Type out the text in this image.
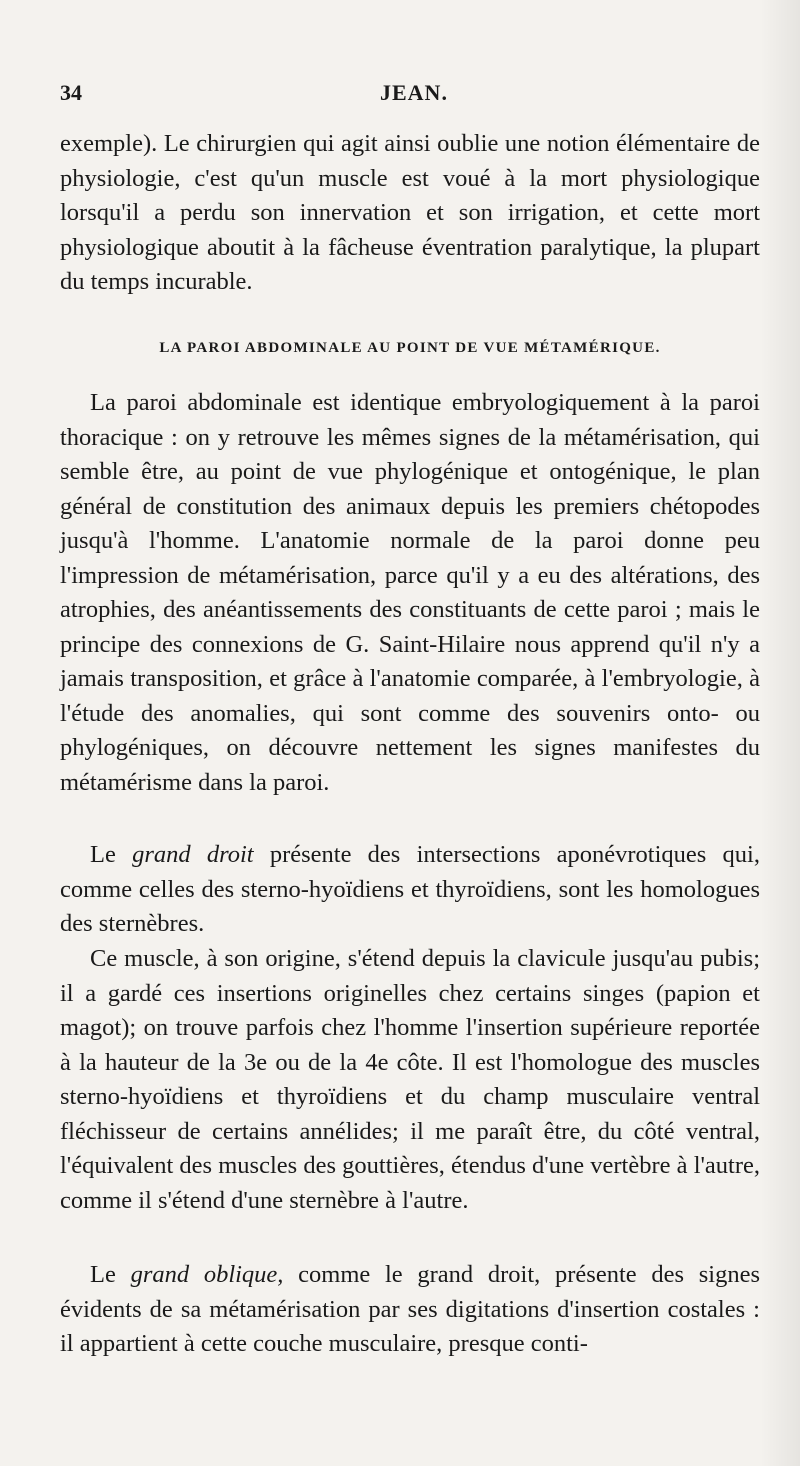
34	JEAN.

exemple). Le chirurgien qui agit ainsi oublie une notion élémentaire de physiologie, c'est qu'un muscle est voué à la mort physiologique lorsqu'il a perdu son innervation et son irrigation, et cette mort physiologique aboutit à la fâcheuse éventration paralytique, la plupart du temps incurable.

LA PAROI ABDOMINALE AU POINT DE VUE MÉTAMÉRIQUE.

La paroi abdominale est identique embryologiquement à la paroi thoracique : on y retrouve les mêmes signes de la métamérisation, qui semble être, au point de vue phylogénique et ontogénique, le plan général de constitution des animaux depuis les premiers chétopodes jusqu'à l'homme. L'anatomie normale de la paroi donne peu l'impression de métamérisation, parce qu'il y a eu des altérations, des atrophies, des anéantissements des constituants de cette paroi ; mais le principe des connexions de G. Saint-Hilaire nous apprend qu'il n'y a jamais transposition, et grâce à l'anatomie comparée, à l'embryologie, à l'étude des anomalies, qui sont comme des souvenirs onto- ou phylogéniques, on découvre nettement les signes manifestes du métamérisme dans la paroi.

Le grand droit présente des intersections aponévrotiques qui, comme celles des sterno-hyoïdiens et thyroïdiens, sont les homologues des sternèbres.

Ce muscle, à son origine, s'étend depuis la clavicule jusqu'au pubis; il a gardé ces insertions originelles chez certains singes (papion et magot); on trouve parfois chez l'homme l'insertion supérieure reportée à la hauteur de la 3e ou de la 4e côte. Il est l'homologue des muscles sterno-hyoïdiens et thyroïdiens et du champ musculaire ventral fléchisseur de certains annélides; il me paraît être, du côté ventral, l'équivalent des muscles des gouttières, étendus d'une vertèbre à l'autre, comme il s'étend d'une sternèbre à l'autre.

Le grand oblique, comme le grand droit, présente des signes évidents de sa métamérisation par ses digitations d'insertion costales : il appartient à cette couche musculaire, presque conti-
